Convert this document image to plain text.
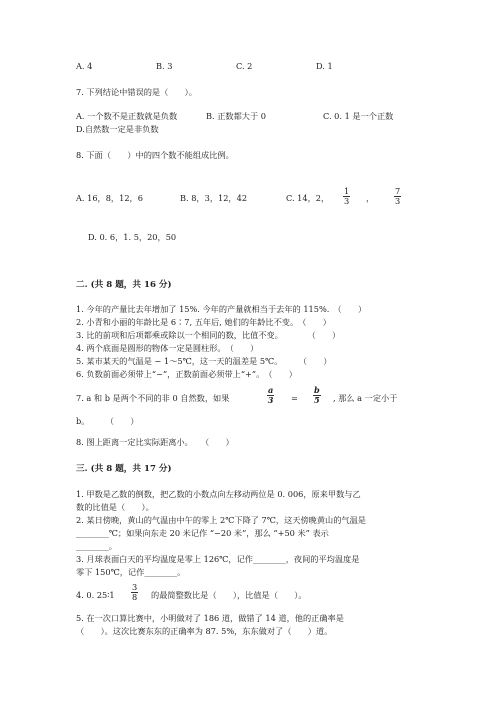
A. 4	B. 3	C. 2	D. 1
7. 下列结论中错误的是（　　）。
A. 一个数不是正数就是负数	B. 正数都大于 0	C. 0. 1 是一个正数
D.自然数一定是非负数
8. 下面（　　）中的四个数不能组成比例。
A. 16，8，12，6	B. 8，3，12，42	C. 14，2， $\frac{1}{3}$ ， $\frac{7}{3}$
D. 0. 6，1. 5，20，50
二. (共 8 题，共 16 分)
1. 今年的产量比去年增加了 15%. 今年的产量就相当于去年的 115%.　（　　）
2. 小青和小丽的年龄比是 6∶7, 五年后, 她们的年龄比不变。　（　　）
3. 比的前项和后项都乘或除以一个相同的数，比值不变。　　　　（　　）
4. 两个底面是圆形的物体一定是圆柱形。　（　　）
5. 某市某天的气温是 − 1～5℃，这一天的温差是 5℃。　　　（　　）
6. 负数前面必须带上“−”，正数前面必须带上“+”。　（　　）
7. a 和 b 是两个不同的非 0 自然数，如果	$\frac{a}{3} = \frac{b}{5}$ , 那么 a 一定小于
b。　　　（　　）
8. 图上距离一定比实际距离小。　　（　　）
三. (共 8 题，共 17 分)
1. 甲数是乙数的倒数，把乙数的小数点向左移动两位是 0. 006，原来甲数与乙
数的比值是（　　）。
2. 某日傍晚，黄山的气温由中午的零上 2℃下降了 7℃，这天傍晚黄山的气温是
________℃；如果向东走 20 米记作 “−20 米”，那么 “+50 米” 表示
________。
3. 月球表面白天的平均温度是零上 126℃，记作________，夜间的平均温度是
零下 150℃，记作________。
4. 0. 25∶1 $\frac{3}{8}$ 的最简整数比是（　　），比值是（　　）。
5. 在一次口算比赛中，小明做对了 186 道，做错了 14 道，他的正确率是
（　　）。这次比赛东东的正确率为 87. 5%，东东做对了（　　）道。
